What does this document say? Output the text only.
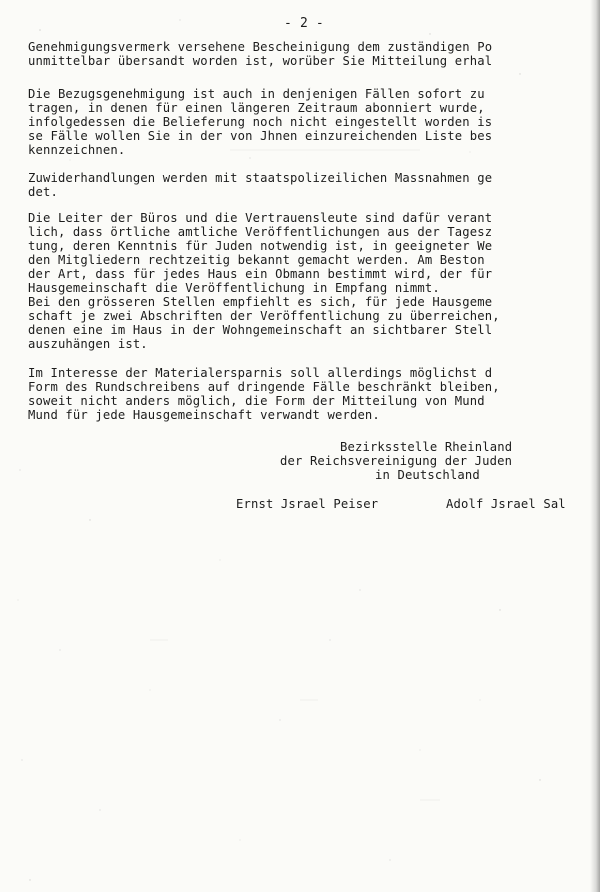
- 2 -
Genehmigungsvermerk versehene Bescheinigung dem zuständigen Po
unmittelbar übersandt worden ist, worüber Sie Mitteilung erhal
Die Bezugsgenehmigung ist auch in denjenigen Fällen sofort zu
tragen, in denen für einen längeren Zeitraum abonniert wurde,
infolgedessen die Belieferung noch nicht eingestellt worden is
se Fälle wollen Sie in der von Jhnen einzureichenden Liste bes
kennzeichnen.
Zuwiderhandlungen werden mit staatspolizeilichen Massnahmen ge
det.
Die Leiter der Büros und die Vertrauensleute sind dafür verant
lich, dass örtliche amtliche Veröffentlichungen aus der Tagesz
tung, deren Kenntnis für Juden notwendig ist, in geeigneter We
den Mitgliedern rechtzeitig bekannt gemacht werden. Am Beston
der Art, dass für jedes Haus ein Obmann bestimmt wird, der für
Hausgemeinschaft die Veröffentlichung in Empfang nimmt.
Bei den grösseren Stellen empfiehlt es sich, für jede Hausgeme
schaft je zwei Abschriften der Veröffentlichung zu überreichen,
denen eine im Haus in der Wohngemeinschaft an sichtbarer Stell
auszuhängen ist.
Im Interesse der Materialersparnis soll allerdings möglichst d
Form des Rundschreibens auf dringende Fälle beschränkt bleiben,
soweit nicht anders möglich, die Form der Mitteilung von Mund
Mund für jede Hausgemeinschaft verwandt werden.
Bezirksstelle Rheinland
der Reichsvereinigung der Juden
in Deutschland
Ernst Jsrael Peiser	Adolf Jsrael Sal
